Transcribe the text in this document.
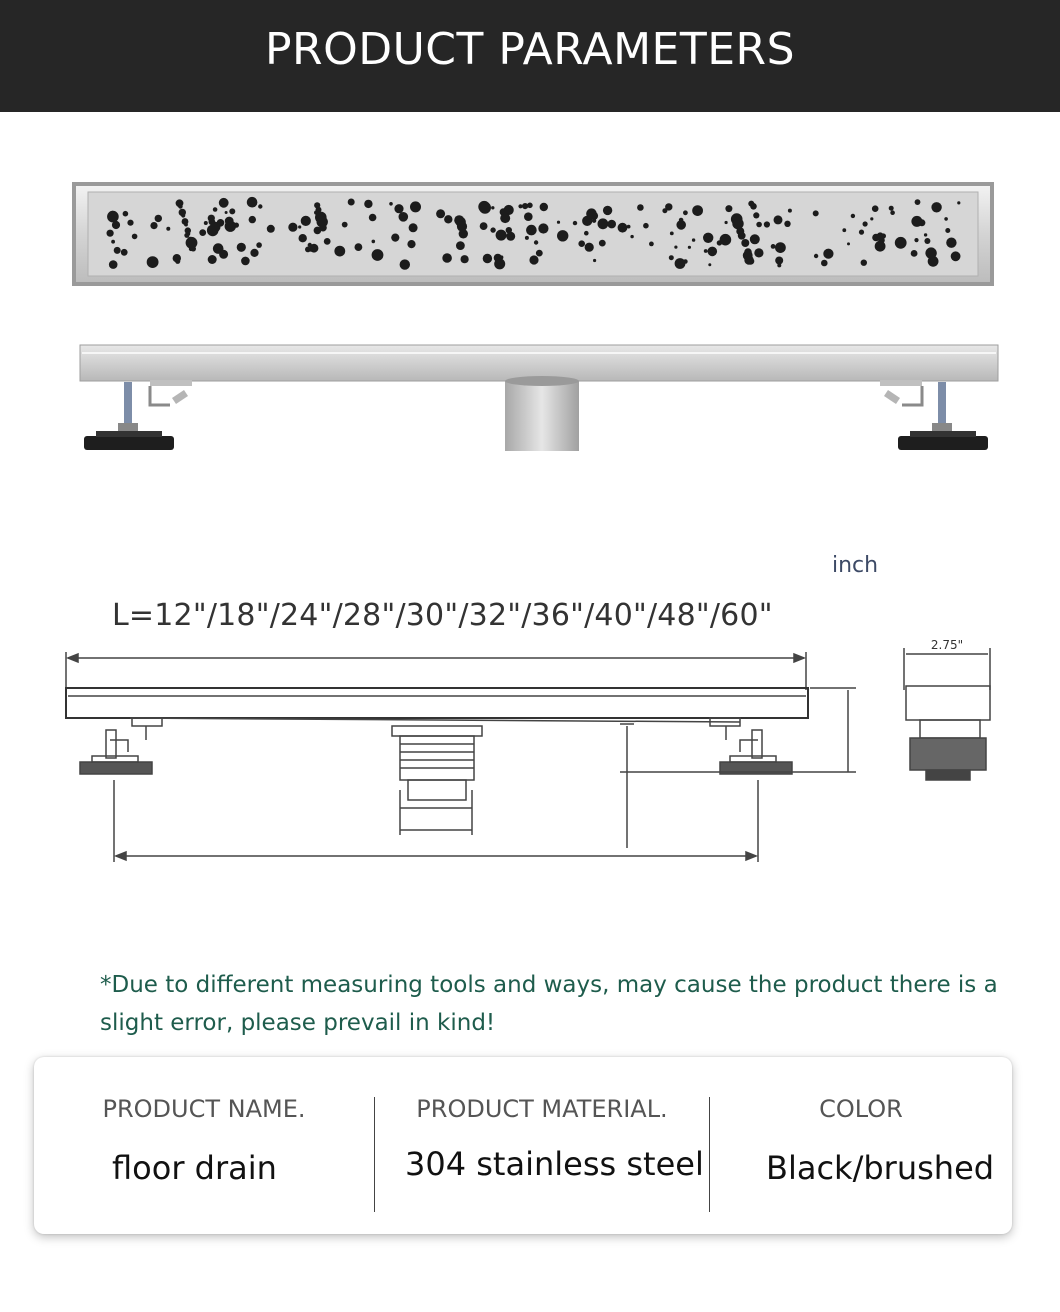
PRODUCT PARAMETERS
inch
L=12"/18"/24"/28"/30"/32"/36"/40"/48"/60"
2.75"
*Due to different measuring tools and ways, may cause the product there is a slight error, please prevail in kind!
PRODUCT NAME.
floor drain
PRODUCT MATERIAL.
304 stainless steel
COLOR
Black/brushed
